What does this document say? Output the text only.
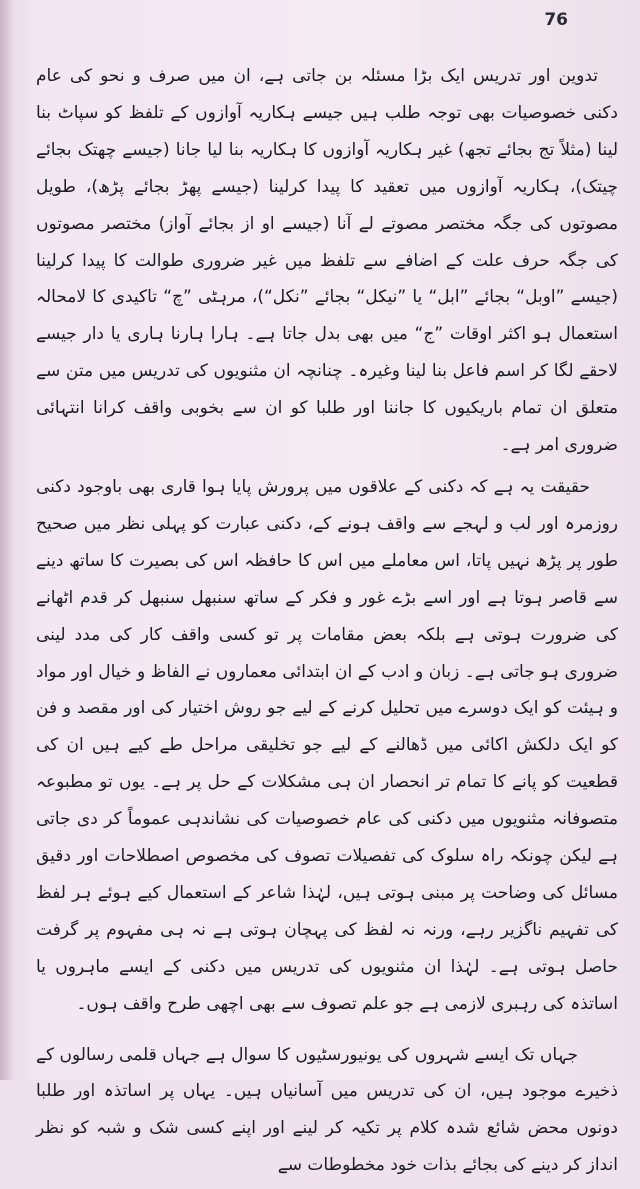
76

تدوین اور تدریس ایک بڑا مسئلہ بن جاتی ہے، ان میں صرف و نحو کی عام دکنی خصوصیات بھی توجہ طلب ہیں جیسے ہکاریہ آوازوں کے تلفظ کو سپاٹ بنا لینا (مثلاً تج بجائے تجھ) غیر ہکاریہ آوازوں کا ہکاریہ بنا لیا جانا (جیسے چھتک بجائے چیتک)، ہکاریہ آوازوں میں تعقید کا پیدا کرلینا (جیسے پھڑ بجائے پڑھ)، طویل مصوتوں کی جگہ مختصر مصوتے لے آنا (جیسے او از بجائے آواز) مختصر مصوتوں کی جگہ حرف علت کے اضافے سے تلفظ میں غیر ضروری طوالت کا پیدا کرلینا (جیسے ”اوبل“ بجائے ”ابل“ یا ”نیکل“ بجائے ”نکل“)، مرہٹی ”چ“ تاکیدی کا لامحالہ استعمال ہو اکثر اوقات ”ج“ میں بھی بدل جاتا ہے۔ ہارا ہارنا ہاری یا دار جیسے لاحقے لگا کر اسم فاعل بنا لینا وغیرہ۔ چنانچہ ان مثنویوں کی تدریس میں متن سے متعلق ان تمام باریکیوں کا جاننا اور طلبا کو ان سے بخوبی واقف کرانا انتہائی ضروری امر ہے۔

حقیقت یہ ہے کہ دکنی کے علاقوں میں پرورش پایا ہوا قاری بھی باوجود دکنی روزمرہ اور لب و لہجے سے واقف ہونے کے، دکنی عبارت کو پہلی نظر میں صحیح طور پر پڑھ نہیں پاتا، اس معاملے میں اس کا حافظہ اس کی بصیرت کا ساتھ دینے سے قاصر ہوتا ہے اور اسے بڑے غور و فکر کے ساتھ سنبھل سنبھل کر قدم اٹھانے کی ضرورت ہوتی ہے بلکہ بعض مقامات پر تو کسی واقف کار کی مدد لینی ضروری ہو جاتی ہے۔ زبان و ادب کے ان ابتدائی معماروں نے الفاظ و خیال اور مواد و ہیئت کو ایک دوسرے میں تحلیل کرنے کے لیے جو روش اختیار کی اور مقصد و فن کو ایک دلکش اکائی میں ڈھالنے کے لیے جو تخلیقی مراحل طے کیے ہیں ان کی قطعیت کو پانے کا تمام تر انحصار ان ہی مشکلات کے حل پر ہے۔ یوں تو مطبوعہ متصوفانہ مثنویوں میں دکنی کی عام خصوصیات کی نشاندہی عموماً کر دی جاتی ہے لیکن چونکہ راہ سلوک کی تفصیلات تصوف کی مخصوص اصطلاحات اور دقیق مسائل کی وضاحت پر مبنی ہوتی ہیں، لہٰذا شاعر کے استعمال کیے ہوئے ہر لفظ کی تفہیم ناگزیر رہے، ورنہ نہ لفظ کی پہچان ہوتی ہے نہ ہی مفہوم پر گرفت حاصل ہوتی ہے۔ لہٰذا ان مثنویوں کی تدریس میں دکنی کے ایسے ماہروں یا اساتذہ کی رہبری لازمی ہے جو علم تصوف سے بھی اچھی طرح واقف ہوں۔

جہاں تک ایسے شہروں کی یونیورسٹیوں کا سوال ہے جہاں قلمی رسالوں کے ذخیرے موجود ہیں، ان کی تدریس میں آسانیاں ہیں۔ یہاں پر اساتذہ اور طلبا دونوں محض شائع شدہ کلام پر تکیہ کر لینے اور اپنے کسی شک و شبہ کو نظر انداز کر دینے کی بجائے بذات خود مخطوطات سے
